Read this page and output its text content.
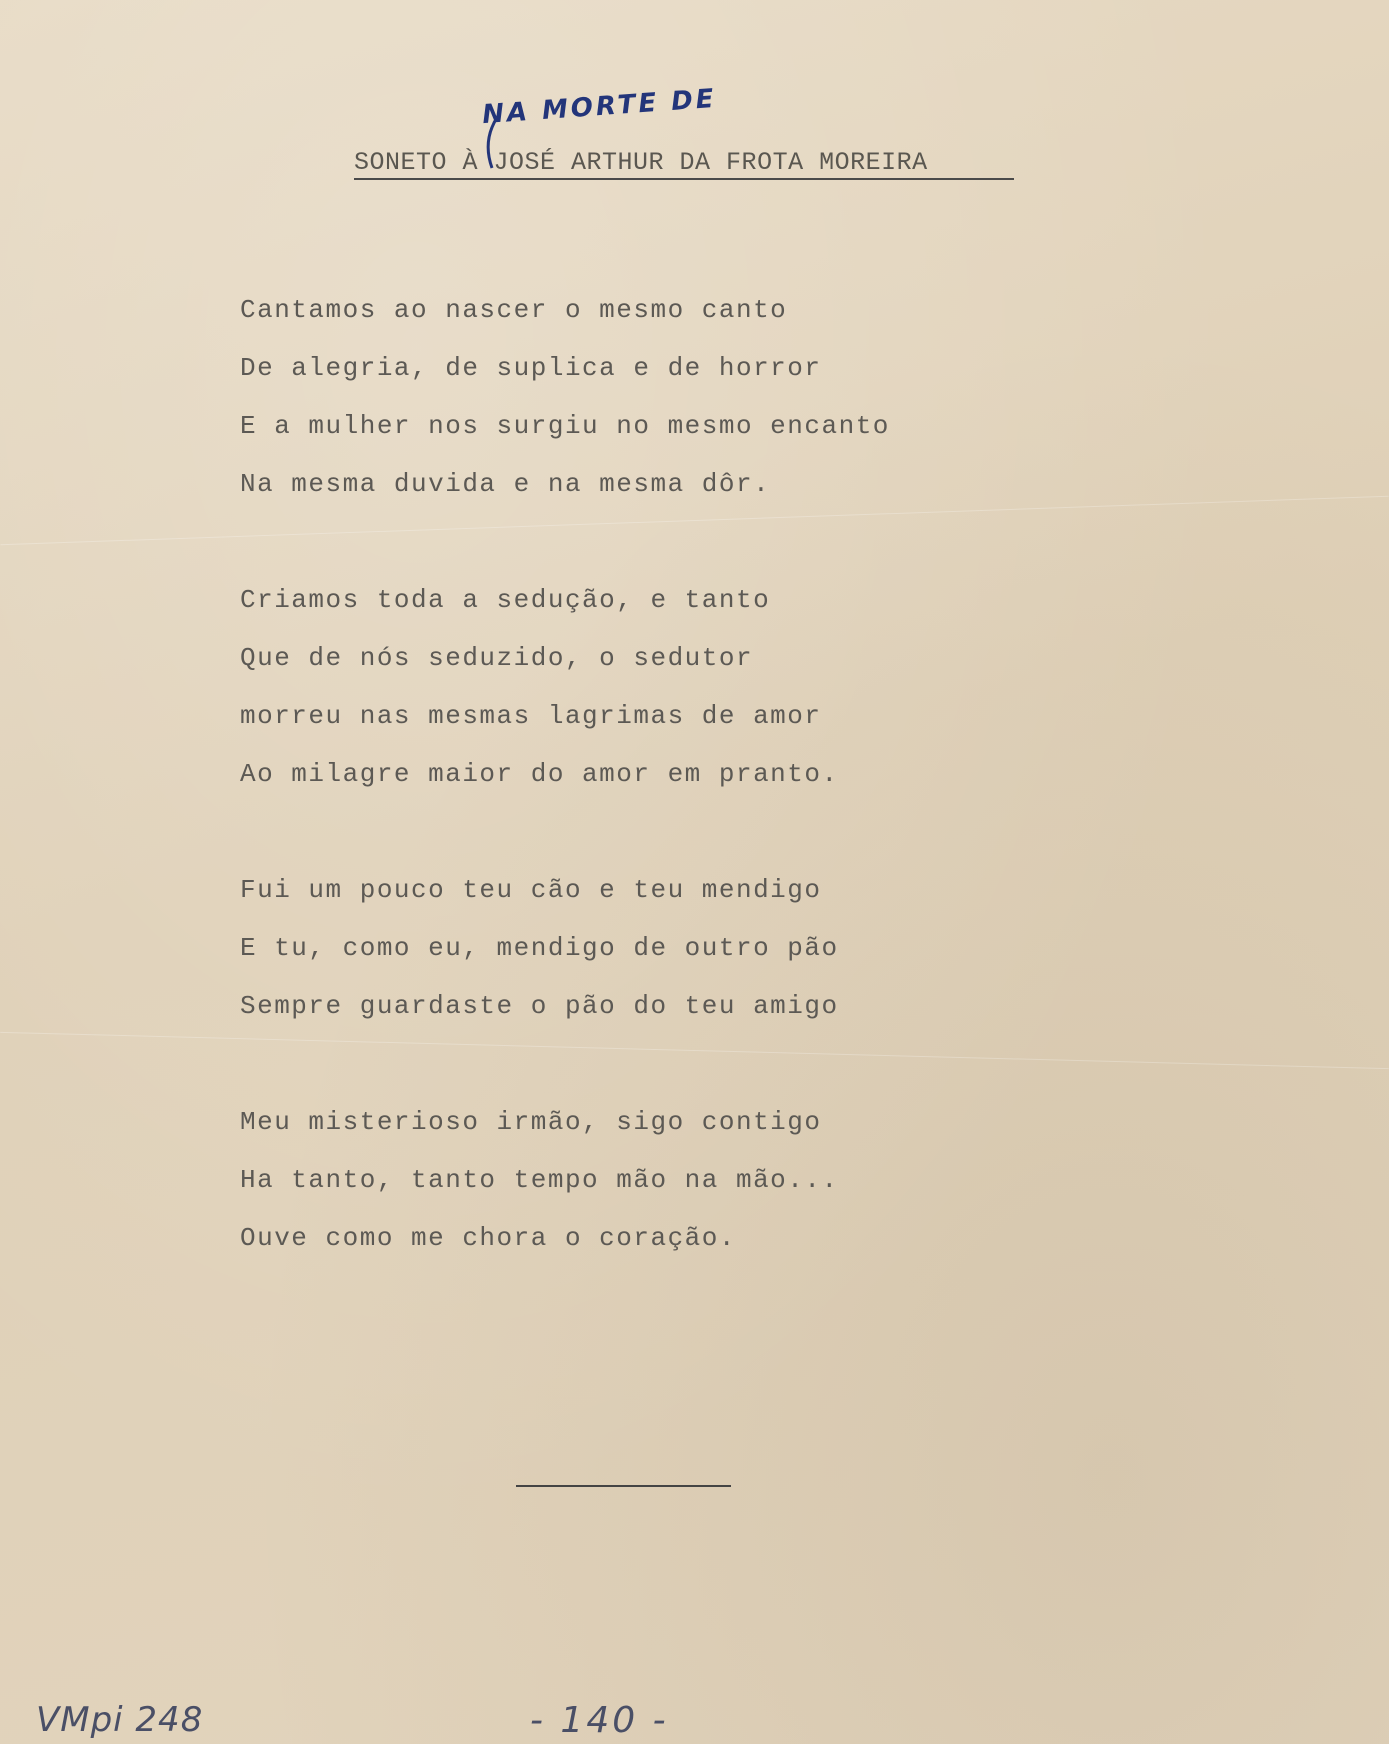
NA MORTE DE
SONETO À JOSÉ ARTHUR DA FROTA MOREIRA
Cantamos ao nascer o mesmo canto
De alegria, de suplica e de horror
E a mulher nos surgiu no mesmo encanto
Na mesma duvida e na mesma dôr.
Criamos toda a sedução, e tanto
Que de nós seduzido, o sedutor
morreu nas mesmas lagrimas de amor
Ao milagre maior do amor em pranto.
Fui um pouco teu cão e teu mendigo
E tu, como eu, mendigo de outro pão
Sempre guardaste o pão do teu amigo
Meu misterioso irmão, sigo contigo
Ha tanto, tanto tempo mão na mão...
Ouve como me chora o coração.
VMpi 248	- 140 -
